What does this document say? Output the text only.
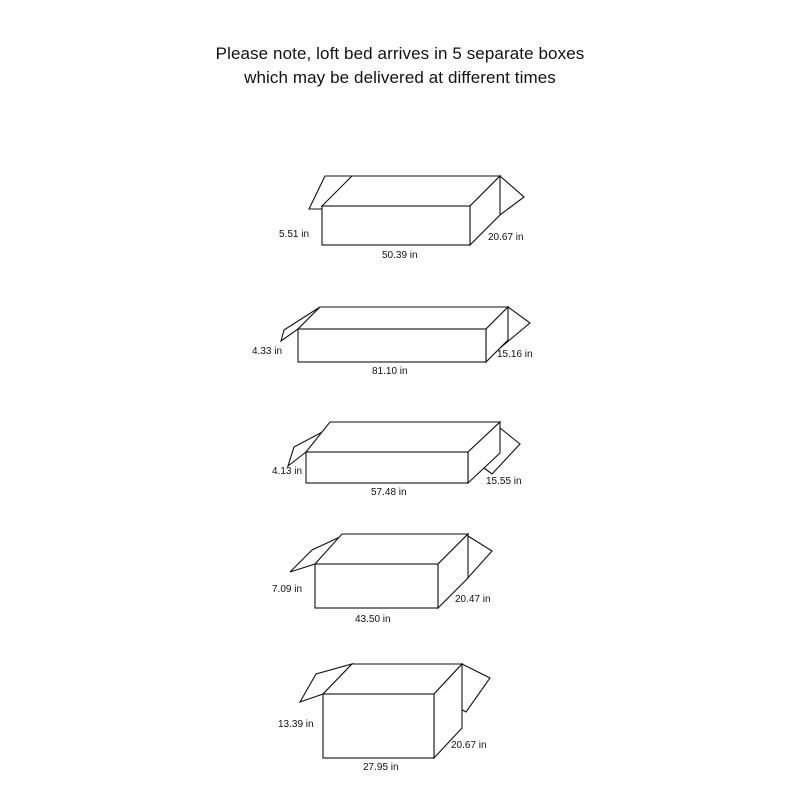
Please note, loft bed arrives in 5 separate boxes
which may be delivered at different times
5.51 in
50.39 in
20.67 in
4.33 in
81.10 in
15.16 in
4.13 in
57.48 in
15.55 in
7.09 in
43.50 in
20.47 in
13.39 in
27.95 in
20.67 in
